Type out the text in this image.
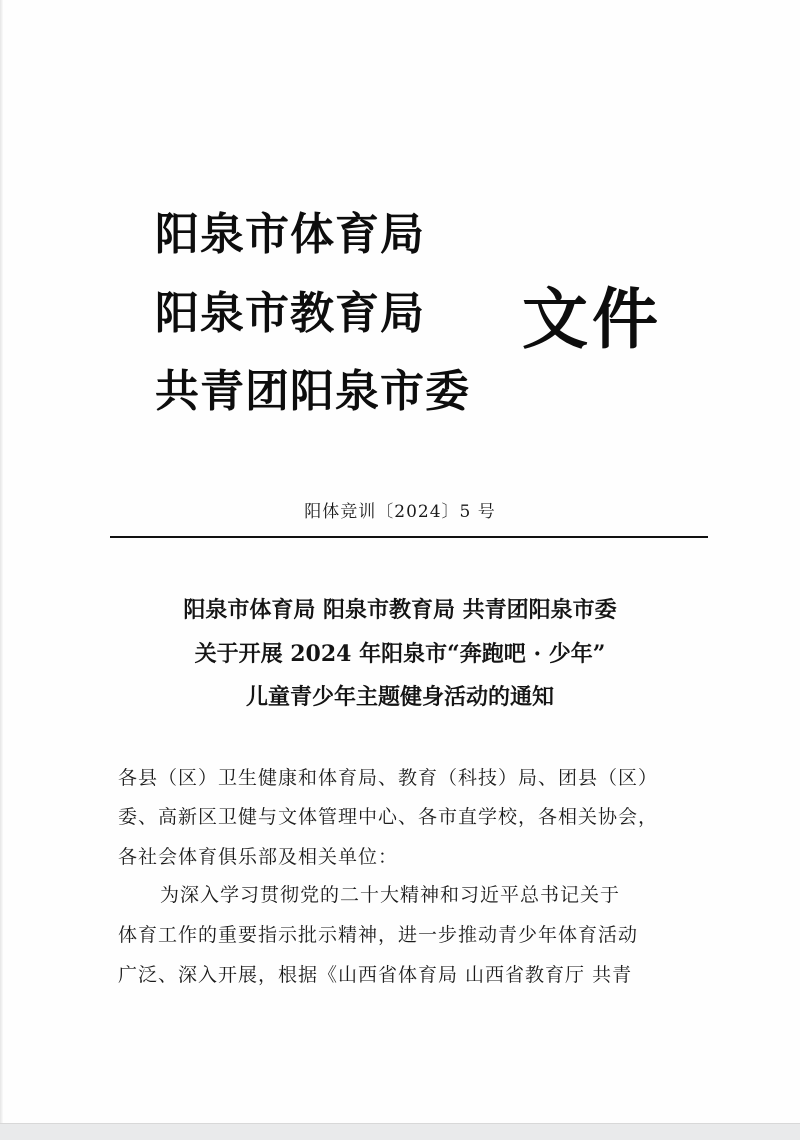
阳泉市体育局
阳泉市教育局
共青团阳泉市委
文件
阳体竞训〔2024〕5 号
阳泉市体育局 阳泉市教育局 共青团阳泉市委
关于开展 2024 年阳泉市“奔跑吧 · 少年”
儿童青少年主题健身活动的通知
各县（区）卫生健康和体育局、教育（科技）局、团县（区）
委、高新区卫健与文体管理中心、各市直学校，各相关协会，
各社会体育俱乐部及相关单位：
为深入学习贯彻党的二十大精神和习近平总书记关于
体育工作的重要指示批示精神，进一步推动青少年体育活动
广泛、深入开展，根据《山西省体育局 山西省教育厅 共青
